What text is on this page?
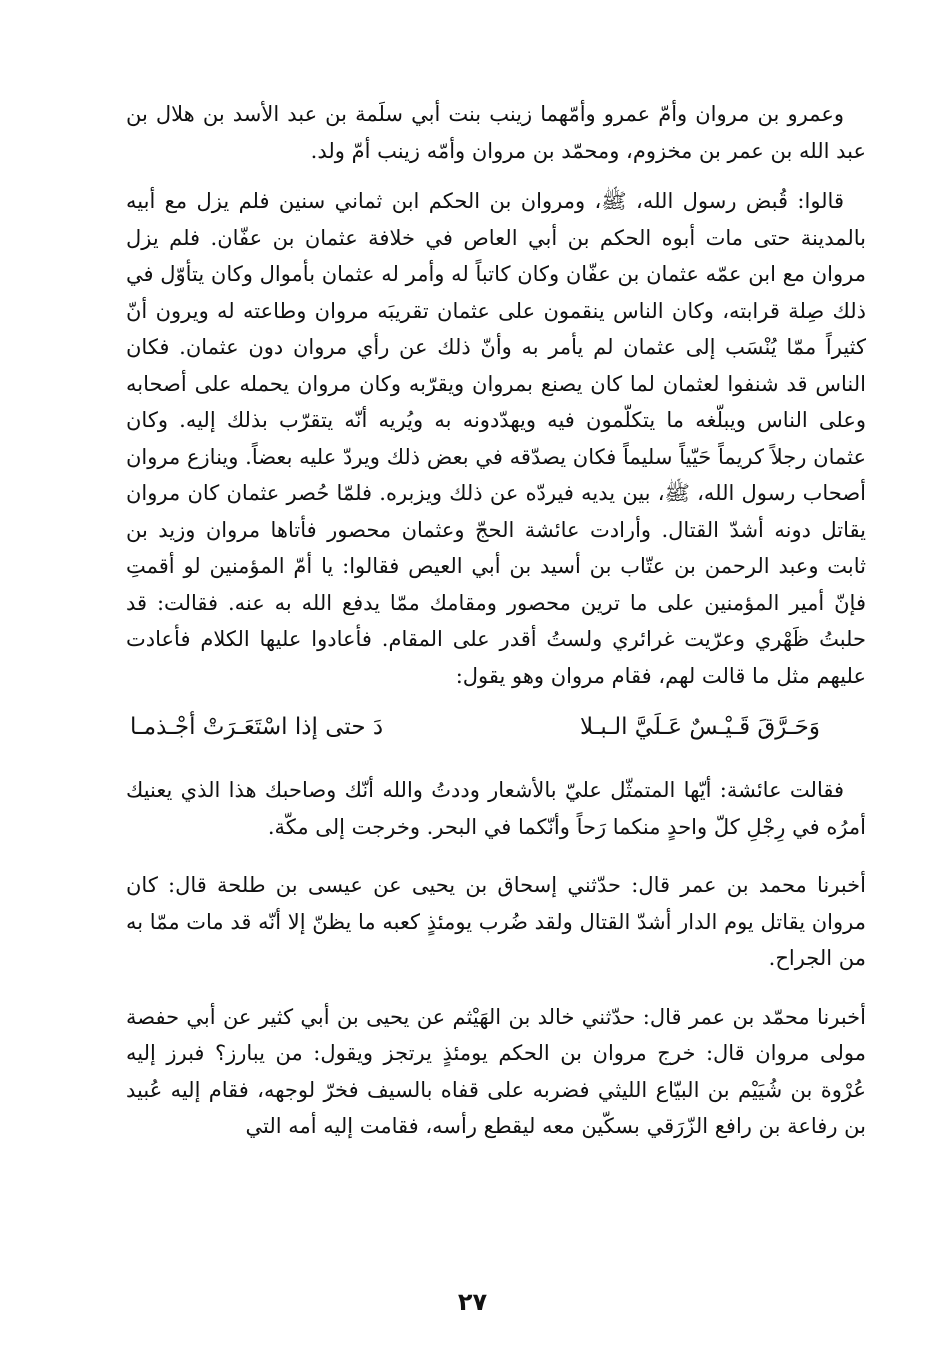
وعمرو بن مروان وأمّ عمرو وأمّهما زينب بنت أبي سلَمة بن عبد الأسد بن هلال بن عبد الله بن عمر بن مخزوم، ومحمّد بن مروان وأمّه زينب أمّ ولد.

قالوا: قُبض رسول الله، ﷺ، ومروان بن الحكم ابن ثماني سنين فلم يزل مع أبيه بالمدينة حتى مات أبوه الحكم بن أبي العاص في خلافة عثمان بن عفّان. فلم يزل مروان مع ابن عمّه عثمان بن عفّان وكان كاتباً له وأمر له عثمان بأموال وكان يتأوّل في ذلك صِلة قرابته، وكان الناس ينقمون على عثمان تقريبَه مروان وطاعته له ويرون أنّ كثيراً ممّا يُنْسَب إلى عثمان لم يأمر به وأنّ ذلك عن رأي مروان دون عثمان. فكان الناس قد شنفوا لعثمان لما كان يصنع بمروان ويقرّبه وكان مروان يحمله على أصحابه وعلى الناس ويبلّغه ما يتكلّمون فيه ويهدّدونه به ويُريه أنّه يتقرّب بذلك إليه. وكان عثمان رجلاً كريماً حَيّياً سليماً فكان يصدّقه في بعض ذلك ويردّ عليه بعضاً. وينازع مروان أصحاب رسول الله، ﷺ، بين يديه فيردّه عن ذلك ويزبره. فلمّا حُصر عثمان كان مروان يقاتل دونه أشدّ القتال. وأرادت عائشة الحجّ وعثمان محصور فأتاها مروان وزيد بن ثابت وعبد الرحمن بن عتّاب بن أسيد بن أبي العيص فقالوا: يا أمّ المؤمنين لو أقمتِ فإنّ أمير المؤمنين على ما ترين محصور ومقامك ممّا يدفع الله به عنه. فقالت: قد حلبتُ ظَهْري وعرّيت غرائري ولستُ أقدر على المقام. فأعادوا عليها الكلام فأعادت عليهم مثل ما قالت لهم، فقام مروان وهو يقول:

وَحَـرَّقَ قَـيْـسٌ عَـلَيَّ الـبـلا
دَ حتى إذا اسْتَعَـرَتْ أجْـذمـا

فقالت عائشة: أيّها المتمثّل عليّ بالأشعار وددتُ والله أنّك وصاحبك هذا الذي يعنيك أمرُه في رِجْلِ كلّ واحدٍ منكما رَحاً وأنّكما في البحر. وخرجت إلى مكّة.

أخبرنا محمد بن عمر قال: حدّثني إسحاق بن يحيى عن عيسى بن طلحة قال: كان مروان يقاتل يوم الدار أشدّ القتال ولقد ضُرب يومئذٍ كعبه ما يظنّ إلا أنّه قد مات ممّا به من الجراح.

أخبرنا محمّد بن عمر قال: حدّثني خالد بن الهَيْثم عن يحيى بن أبي كثير عن أبي حفصة مولى مروان قال: خرج مروان بن الحكم يومئذٍ يرتجز ويقول: من يبارز؟ فبرز إليه عُرْوة بن شُيَيْم بن البيّاع الليثي فضربه على قفاه بالسيف فخرّ لوجهه، فقام إليه عُبيد بن رفاعة بن رافع الزّرَقي بسكّين معه ليقطع رأسه، فقامت إليه أمه التي

٢٧
